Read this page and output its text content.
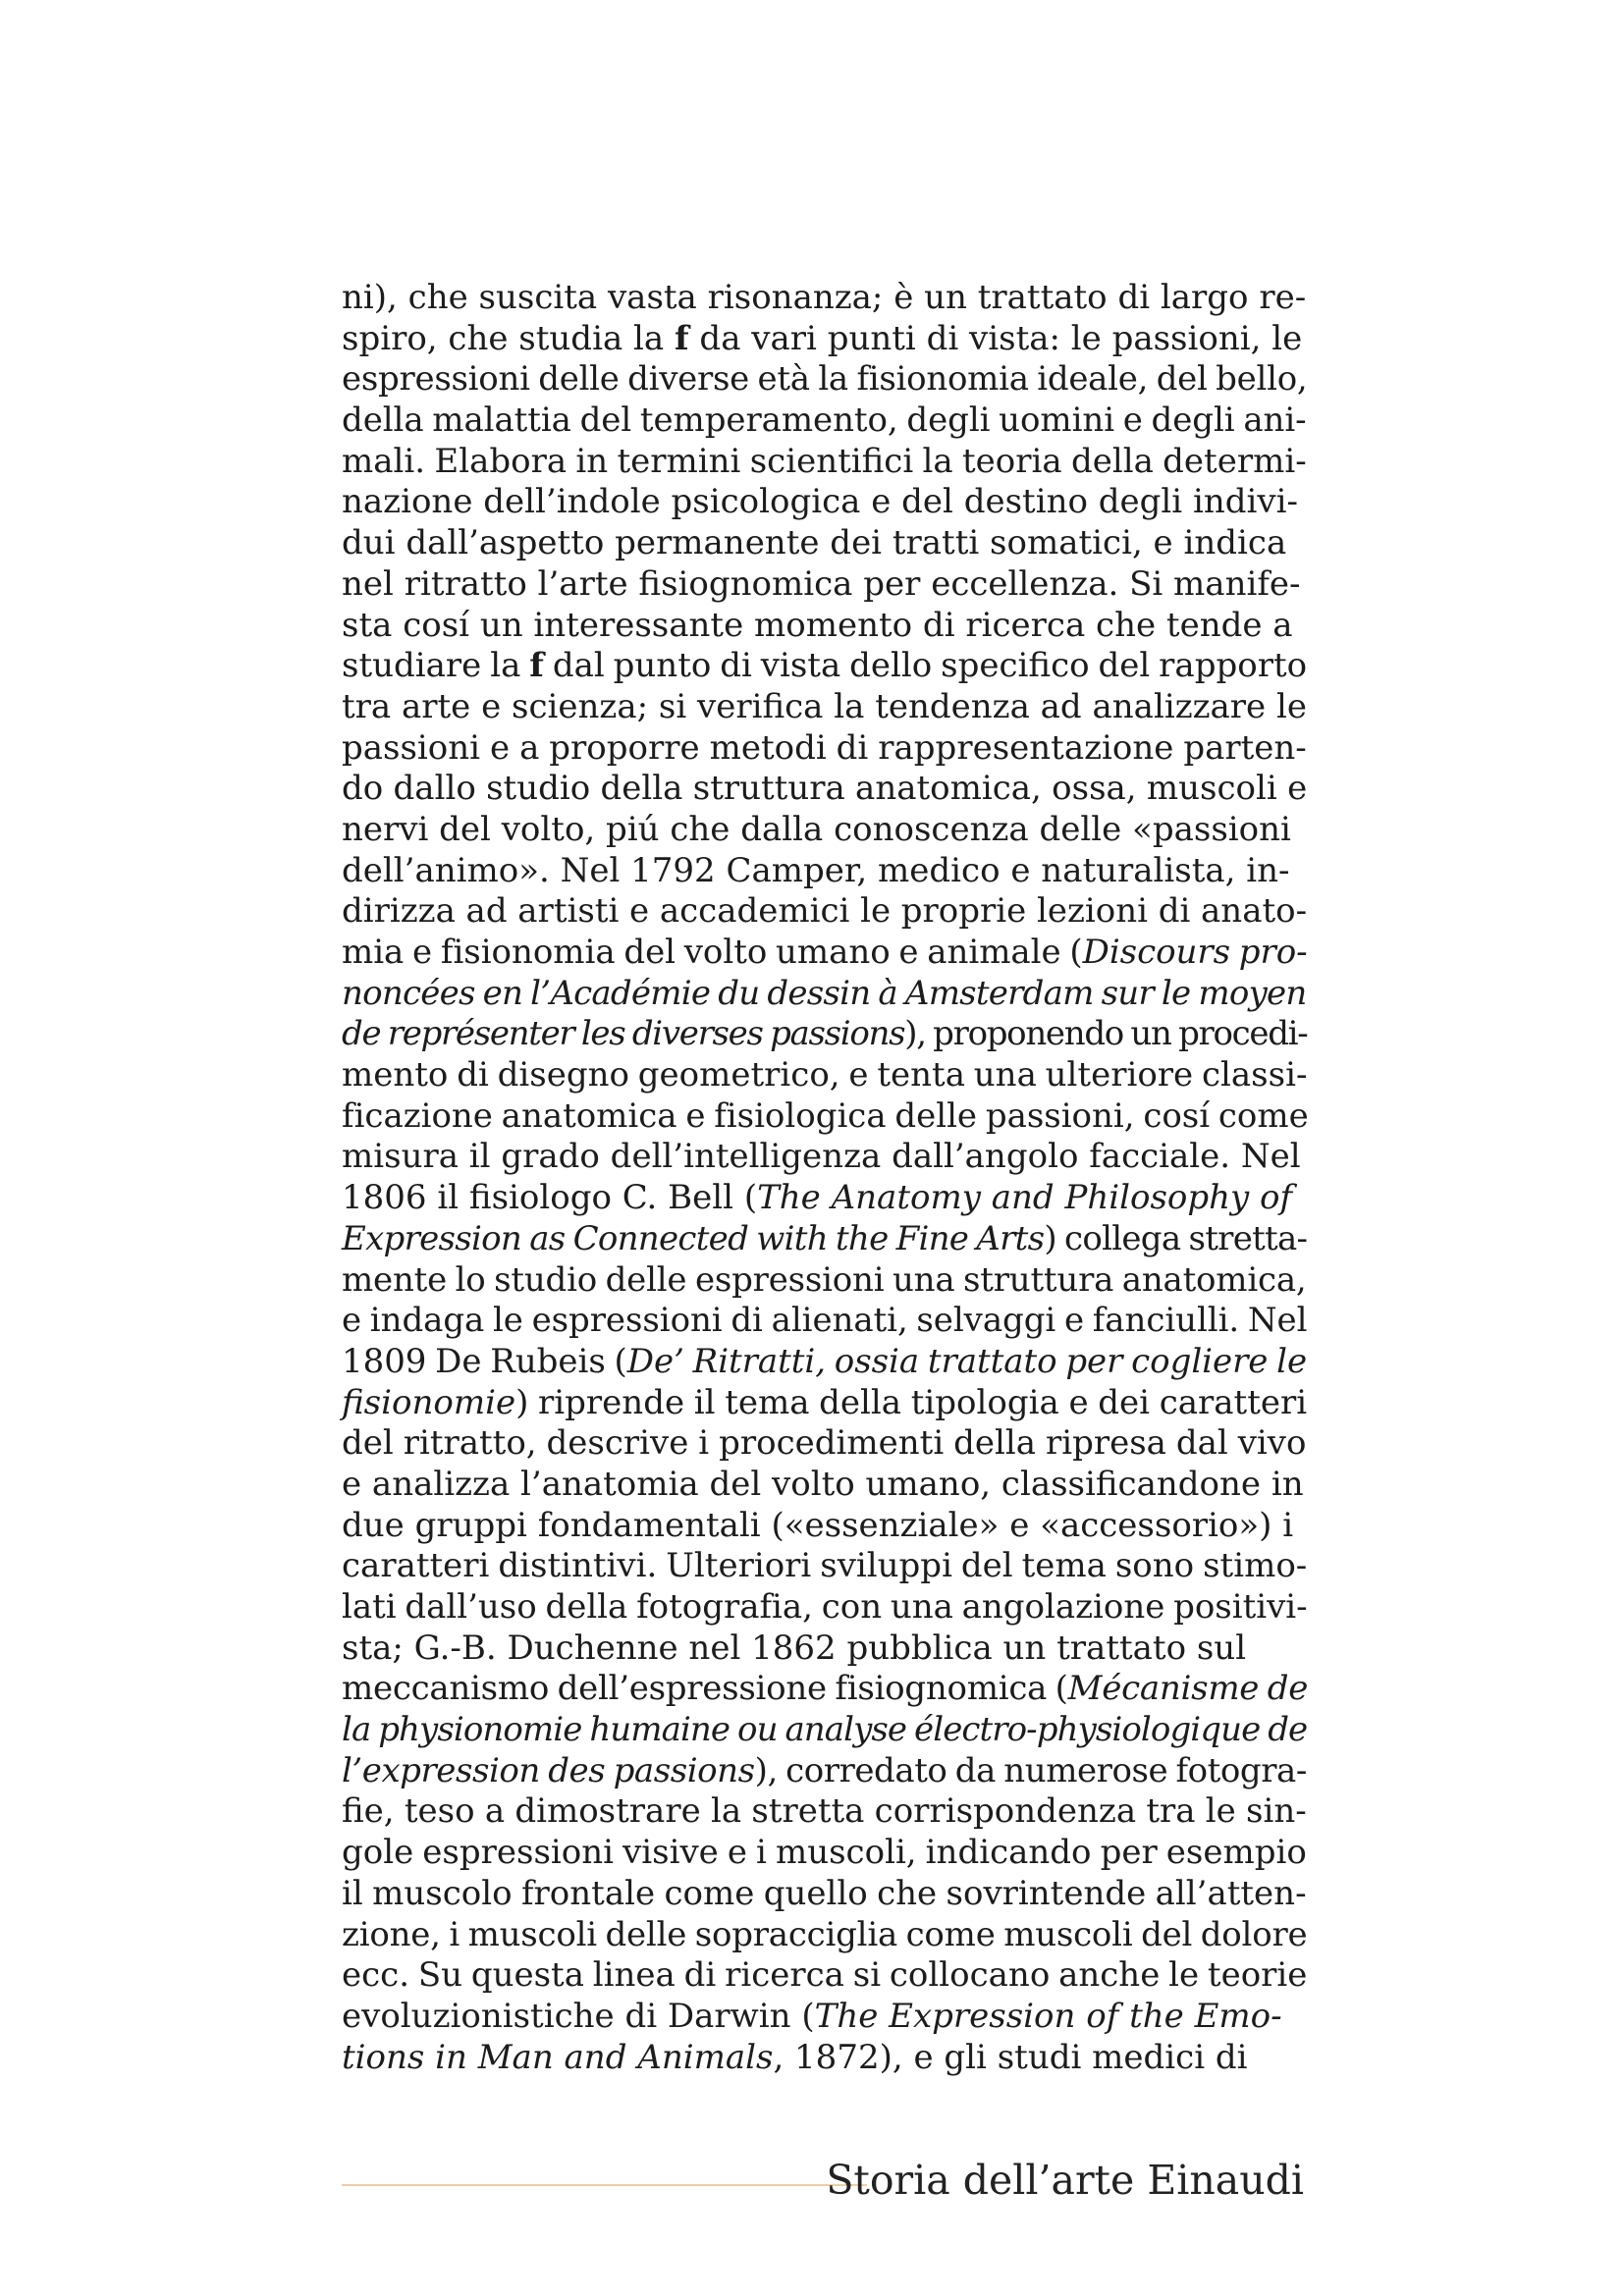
ni), che suscita vasta risonanza; è un trattato di largo re-
spiro, che studia la f da vari punti di vista: le passioni, le
espressioni delle diverse età la fisionomia ideale, del bello,
della malattia del temperamento, degli uomini e degli ani-
mali. Elabora in termini scientifici la teoria della determi-
nazione dell’indole psicologica e del destino degli indivi-
dui dall’aspetto permanente dei tratti somatici, e indica
nel ritratto l’arte fisiognomica per eccellenza. Si manife-
sta cosí un interessante momento di ricerca che tende a
studiare la f dal punto di vista dello specifico del rapporto
tra arte e scienza; si verifica la tendenza ad analizzare le
passioni e a proporre metodi di rappresentazione parten-
do dallo studio della struttura anatomica, ossa, muscoli e
nervi del volto, piú che dalla conoscenza delle «passioni
dell’animo». Nel 1792 Camper, medico e naturalista, in-
dirizza ad artisti e accademici le proprie lezioni di anato-
mia e fisionomia del volto umano e animale (Discours pro-
noncées en l’Académie du dessin à Amsterdam sur le moyen
de représenter les diverses passions), proponendo un procedi-
mento di disegno geometrico, e tenta una ulteriore classi-
ficazione anatomica e fisiologica delle passioni, cosí come
misura il grado dell’intelligenza dall’angolo facciale. Nel
1806 il fisiologo C. Bell (The Anatomy and Philosophy of
Expression as Connected with the Fine Arts) collega stretta-
mente lo studio delle espressioni una struttura anatomica,
e indaga le espressioni di alienati, selvaggi e fanciulli. Nel
1809 De Rubeis (De’ Ritratti, ossia trattato per cogliere le
fisionomie) riprende il tema della tipologia e dei caratteri
del ritratto, descrive i procedimenti della ripresa dal vivo
e analizza l’anatomia del volto umano, classificandone in
due gruppi fondamentali («essenziale» e «accessorio») i
caratteri distintivi. Ulteriori sviluppi del tema sono stimo-
lati dall’uso della fotografia, con una angolazione positivi-
sta; G.-B. Duchenne nel 1862 pubblica un trattato sul
meccanismo dell’espressione fisiognomica (Mécanisme de
la physionomie humaine ou analyse électro-physiologique de
l’expression des passions), corredato da numerose fotogra-
fie, teso a dimostrare la stretta corrispondenza tra le sin-
gole espressioni visive e i muscoli, indicando per esempio
il muscolo frontale come quello che sovrintende all’atten-
zione, i muscoli delle sopracciglia come muscoli del dolore
ecc. Su questa linea di ricerca si collocano anche le teorie
evoluzionistiche di Darwin (The Expression of the Emo-
tions in Man and Animals, 1872), e gli studi medici di
Storia dell’arte Einaudi
